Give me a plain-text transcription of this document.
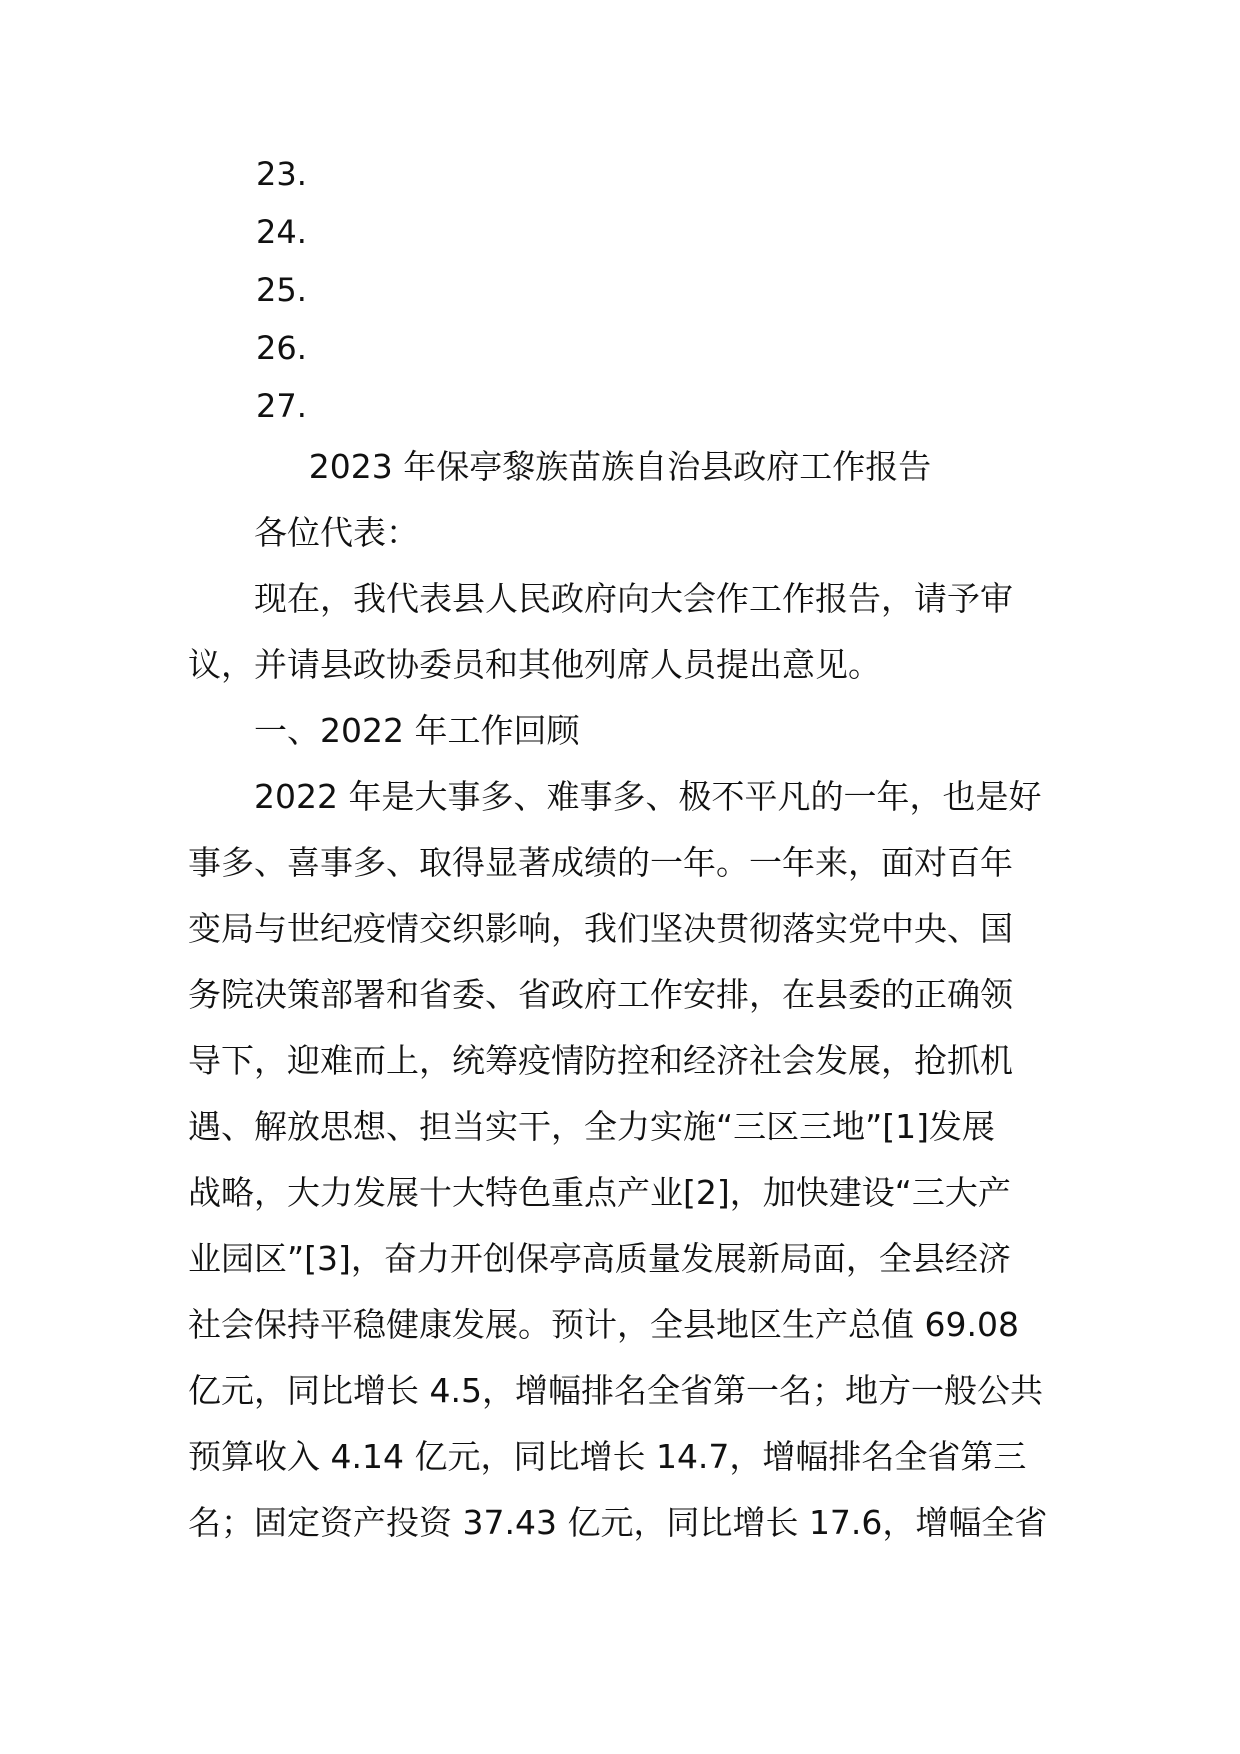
23.
24.
25.
26.
27.
2023 年保亭黎族苗族自治县政府工作报告

各位代表：

现在，我代表县人民政府向大会作工作报告，请予审

议，并请县政协委员和其他列席人员提出意见。

一、2022 年工作回顾

2022 年是大事多、难事多、极不平凡的一年，也是好

事多、喜事多、取得显著成绩的一年。一年来，面对百年

变局与世纪疫情交织影响，我们坚决贯彻落实党中央、国

务院决策部署和省委、省政府工作安排，在县委的正确领

导下，迎难而上，统筹疫情防控和经济社会发展，抢抓机

遇、解放思想、担当实干，全力实施“三区三地”[1]发展

战略，大力发展十大特色重点产业[2]，加快建设“三大产

业园区”[3]，奋力开创保亭高质量发展新局面，全县经济

社会保持平稳健康发展。预计，全县地区生产总值 69.08

亿元，同比增长 4.5，增幅排名全省第一名；地方一般公共

预算收入 4.14 亿元，同比增长 14.7，增幅排名全省第三

名；固定资产投资 37.43 亿元，同比增长 17.6，增幅全省
